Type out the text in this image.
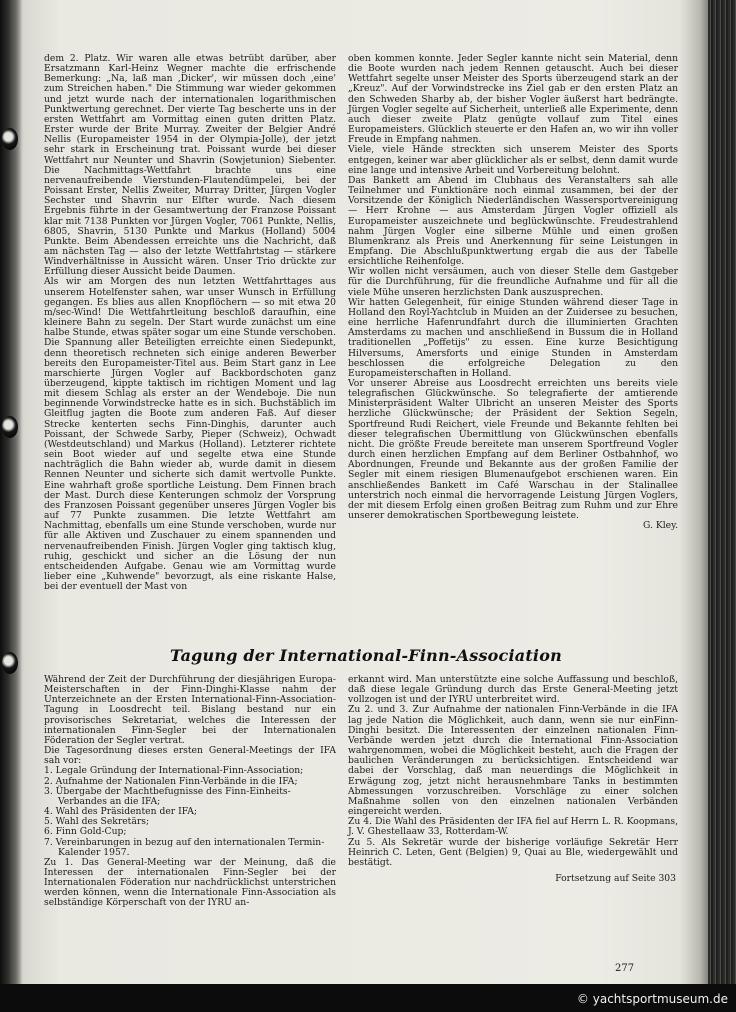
dem 2. Platz. Wir waren alle etwas betrübt darüber, aber Ersatzmann Karl-Heinz Wegner machte die erfrischende Bemerkung: „Na, laß man ‚Dicker', wir müssen doch ‚eine' zum Streichen haben." Die Stimmung war wieder gekommen und jetzt wurde nach der internationalen logarithmischen Punktwertung gerechnet. Der vierte Tag bescherte uns in der ersten Wettfahrt am Vormittag einen guten dritten Platz. Erster wurde der Brite Murray. Zweiter der Belgier André Nellis (Europameister 1954 in der Olympia-Jolle), der jetzt sehr stark in Erscheinung trat. Poissant wurde bei dieser Wettfahrt nur Neunter und Shavrin (Sowjetunion) Siebenter. Die Nachmittags-Wettfahrt brachte uns eine nervenaufreibende Vierstunden-Flautendümpelei, bei der Poissant Erster, Nellis Zweiter, Murray Dritter, Jürgen Vogler Sechster und Shavrin nur Elfter wurde. Nach diesem Ergebnis führte in der Gesamtwertung der Franzose Poissant klar mit 7138 Punkten vor Jürgen Vogler, 7061 Punkte, Nellis, 6805, Shavrin, 5130 Punkte und Markus (Holland) 5004 Punkte. Beim Abendessen erreichte uns die Nachricht, daß am nächsten Tag — also der letzte Wettfahrtstag — stärkere Windverhältnisse in Aussicht wären. Unser Trio drückte zur Erfüllung dieser Aussicht beide Daumen.

Als wir am Morgen des nun letzten Wettfahrttages aus unserem Hotelfenster sahen, war unser Wunsch in Erfüllung gegangen. Es blies aus allen Knopflöchern — so mit etwa 20 m/sec-Wind! Die Wettfahrtleitung beschloß daraufhin, eine kleinere Bahn zu segeln. Der Start wurde zunächst um eine halbe Stunde, etwas später sogar um eine Stunde verschoben. Die Spannung aller Beteiligten erreichte einen Siedepunkt, denn theoretisch rechneten sich einige anderen Bewerber bereits den Europameister-Titel aus. Beim Start ganz in Lee marschierte Jürgen Vogler auf Backbordschoten ganz überzeugend, kippte taktisch im richtigen Moment und lag mit diesem Schlag als erster an der Wendeboje. Die nun beginnende Vorwindstrecke hatte es in sich. Buchstäblich im Gleitflug jagten die Boote zum anderen Faß. Auf dieser Strecke kenterten sechs Finn-Dinghis, darunter auch Poissant, der Schwede Sarby, Pieper (Schweiz), Ochwadt (Westdeutschland) und Markus (Holland). Letzterer richtete sein Boot wieder auf und segelte etwa eine Stunde nachträglich die Bahn wieder ab, wurde damit in diesem Rennen Neunter und sicherte sich damit wertvolle Punkte. Eine wahrhaft große sportliche Leistung. Dem Finnen brach der Mast. Durch diese Kenterungen schmolz der Vorsprung des Franzosen Poissant gegenüber unseres Jürgen Vogler bis auf 77 Punkte zusammen. Die letzte Wettfahrt am Nachmittag, ebenfalls um eine Stunde verschoben, wurde nur für alle Aktiven und Zuschauer zu einem spannenden und nervenaufreibenden Finish. Jürgen Vogler ging taktisch klug, ruhig, geschickt und sicher an die Lösung der nun entscheidenden Aufgabe. Genau wie am Vormittag wurde lieber eine „Kuhwende" bevorzugt, als eine riskante Halse, bei der eventuell der Mast von

oben kommen konnte. Jeder Segler kannte nicht sein Material, denn die Boote wurden nach jedem Rennen getauscht. Auch bei dieser Wettfahrt segelte unser Meister des Sports überzeugend stark an der „Kreuz". Auf der Vorwindstrecke ins Ziel gab er den ersten Platz an den Schweden Sharby ab, der bisher Vogler äußerst hart bedrängte. Jürgen Vogler segelte auf Sicherheit, unterließ alle Experimente, denn auch dieser zweite Platz genügte vollauf zum Titel eines Europameisters. Glücklich steuerte er den Hafen an, wo wir ihn voller Freude in Empfang nahmen.

Viele, viele Hände streckten sich unserem Meister des Sports entgegen, keiner war aber glücklicher als er selbst, denn damit wurde eine lange und intensive Arbeit und Vorbereitung belohnt.

Das Bankett am Abend im Clubhaus des Veranstalters sah alle Teilnehmer und Funktionäre noch einmal zusammen, bei der der Vorsitzende der Königlich Niederländischen Wassersportvereinigung — Herr Krohne — aus Amsterdam Jürgen Vogler offiziell als Europameister auszeichnete und beglückwünschte. Freudestrahlend nahm Jürgen Vogler eine silberne Mühle und einen großen Blumenkranz als Preis und Anerkennung für seine Leistungen in Empfang. Die Abschlußpunktwertung ergab die aus der Tabelle ersichtliche Reihenfolge.

Wir wollen nicht versäumen, auch von dieser Stelle dem Gastgeber für die Durchführung, für die freundliche Aufnahme und für all die viele Mühe unseren herzlichsten Dank auszusprechen.

Wir hatten Gelegenheit, für einige Stunden während dieser Tage in Holland den Royl-Yachtclub in Muiden an der Zuidersee zu besuchen, eine herrliche Hafenrundfahrt durch die illuminierten Grachten Amsterdams zu machen und anschließend in Bussum die in Holland traditionellen „Poffetijs" zu essen. Eine kurze Besichtigung Hilversums, Amersforts und einige Stunden in Amsterdam beschlossen die erfolgreiche Delegation zu den Europameisterschaften in Holland.

Vor unserer Abreise aus Loosdrecht erreichten uns bereits viele telegrafischen Glückwünsche. So telegrafierte der amtierende Ministerpräsident Walter Ulbricht an unseren Meister des Sports herzliche Glückwünsche; der Präsident der Sektion Segeln, Sportfreund Rudi Reichert, viele Freunde und Bekannte fehlten bei dieser telegrafischen Übermittlung von Glückwünschen ebenfalls nicht. Die größte Freude bereitete man unserem Sportfreund Vogler durch einen herzlichen Empfang auf dem Berliner Ostbahnhof, wo Abordnungen, Freunde und Bekannte aus der großen Familie der Segler mit einem riesigen Blumenaufgebot erschienen waren. Ein anschließendes Bankett im Café Warschau in der Stalinallee unterstrich noch einmal die hervorragende Leistung Jürgen Voglers, der mit diesem Erfolg einen großen Beitrag zum Ruhm und zur Ehre unserer demokratischen Sportbewegung leistete.

G. Kley.

Tagung der International-Finn-Association

Während der Zeit der Durchführung der diesjährigen Europa-Meisterschaften in der Finn-Dinghi-Klasse nahm der Unterzeichnete an der Ersten International-Finn-Association-Tagung in Loosdrecht teil. Bislang bestand nur ein provisorisches Sekretariat, welches die Interessen der internationalen Finn-Segler bei der Internationalen Föderation der Segler vertrat.

Die Tagesordnung dieses ersten General-Meetings der IFA sah vor:

1. Legale Gründung der International-Finn-Association;
2. Aufnahme der Nationalen Finn-Verbände in die IFA;
3. Übergabe der Machtbefugnisse des Finn-Einheits-Verbandes an die IFA;
4. Wahl des Präsidenten der IFA;
5. Wahl des Sekretärs;
6. Finn Gold-Cup;
7. Vereinbarungen in bezug auf den internationalen Termin-Kalender 1957.

Zu 1. Das General-Meeting war der Meinung, daß die Interessen der internationalen Finn-Segler bei der Internationalen Föderation nur nachdrücklichst unterstrichen werden können, wenn die Internationale Finn-Association als selbständige Körperschaft von der IYRU an-

erkannt wird. Man unterstützte eine solche Auffassung und beschloß, daß diese legale Gründung durch das Erste General-Meeting jetzt vollzogen ist und der IYRU unterbreitet wird.

Zu 2. und 3. Zur Aufnahme der nationalen Finn-Verbände in die IFA lag jede Nation die Möglichkeit, auch dann, wenn sie nur einFinn-Dinghi besitzt. Die Interessenten der einzelnen nationalen Finn-Verbände werden jetzt durch die International Finn-Association wahrgenommen, wobei die Möglichkeit besteht, auch die Fragen der baulichen Veränderungen zu berücksichtigen. Entscheidend war dabei der Vorschlag, daß man neuerdings die Möglichkeit in Erwägung zog, jetzt nicht herausnehmbare Tanks in bestimmten Abmessungen vorzuschreiben. Vorschläge zu einer solchen Maßnahme sollen von den einzelnen nationalen Verbänden eingereicht werden.

Zu 4. Die Wahl des Präsidenten der IFA fiel auf Herrn L. R. Koopmans, J. V. Ghestellaaw 33, Rotterdam-W.

Zu 5. Als Sekretär wurde der bisherige vorläufige Sekretär Herr Heinrich C. Leten, Gent (Belgien) 9, Quai au Ble, wiedergewählt und bestätigt.

Fortsetzung auf Seite 303

277
© yachtsportmuseum.de
